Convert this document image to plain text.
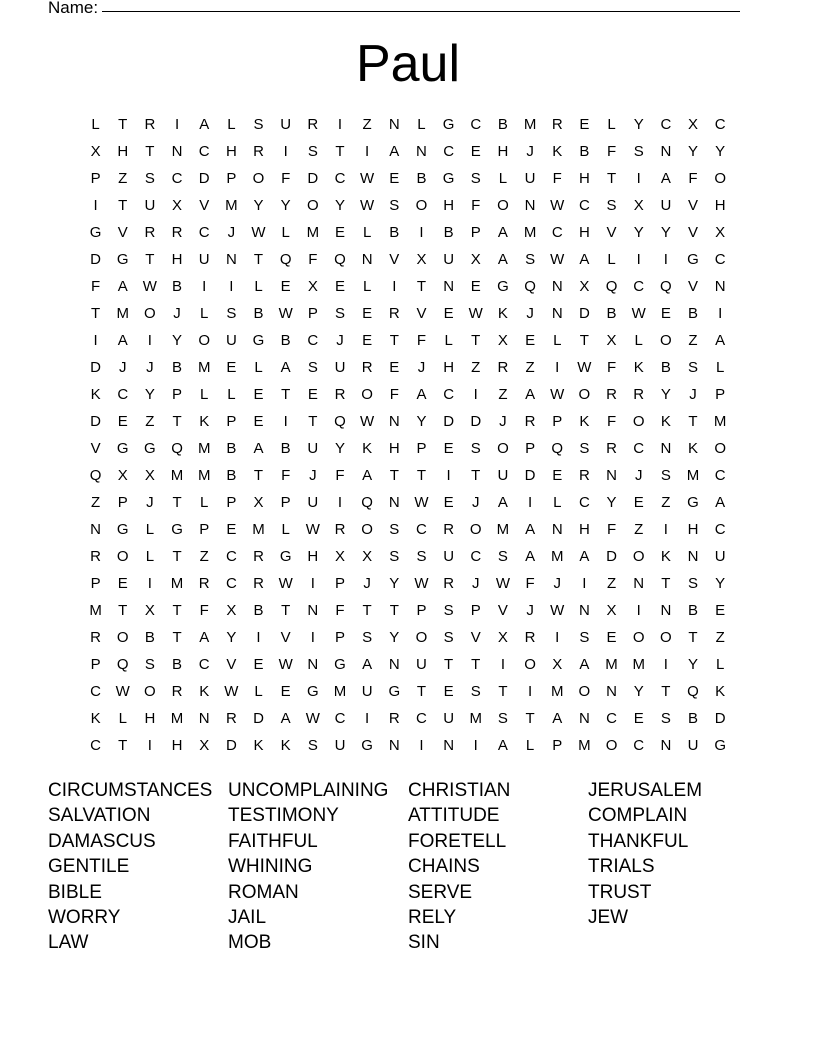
Name:
Paul
L	T	R	I	A	L	S	U	R	I	Z	N	L	G	C	B	M	R	E	L	Y	C	X	C
X	H	T	N	C	H	R	I	S	T	I	A	N	C	E	H	J	K	B	F	S	N	Y	Y
P	Z	S	C	D	P	O	F	D	C W	E	B	G	S	L	U	F	H	T	I	A	F	O
I	T	U	X	V	M	Y	Y	O	Y	W	S	O	H	F	O	N W C	S	X	U	V	H
G	V	R	R	C	J	W	L	M	E	L	B	I	B	P	A	M	C	H	V	Y	Y	V	X
D	G	T	H	U	N	T	Q	F	Q	N	V	X	U	X	A	S	W	A	L	I	I	G	C
F	A	W	B	I	I	L	E	X	E	L	I	T	N	E	G	Q	N	X	Q	C	Q	V	N
T	M	O	J	L	S	B	W	P	S	E	R	V	E	W	K	J	N	D	B	W	E	B	I
I	A	I	Y	O	U	G	B	C	J	E	T	F	L	T	X	E	L	T	X	L	O	Z	A
D	J	J	B	M	E	L	A	S	U	R	E	J	H	Z	R	Z	I	W	F	K	B	S	L
K	C	Y	P	L	L	E	T	E	R	O	F	A	C	I	Z	A	W O	R	R	Y	J	P
D	E	Z	T	K	P	E	I	T	Q W N	Y	D	D	J	R	P	K	F	O	K	T	M
V	G	G	Q	M	B	A	B	U	Y	K	H	P	E	S	O	P	Q	S	R	C	N	K	O
Q	X	X	M M	B	T	F	J	F	A	T	T	I	T	U	D	E	R	N	J	S	M	C
Z	P	J	T	L	P	X	P	U	I	Q	N W	E	J	A	I	L	C	Y	E	Z	G	A
N	G	L	G	P	E	M	L	W R	O	S	C	R	O	M	A	N	H	F	Z	I	H	C
R	O	L	T	Z	C	R	G	H	X	X	S	S	U	C	S	A	M	A	D	O	K	N	U
P	E	I	M	R	C	R W	I	P	J	Y	W R	J	W	F	J	I	Z	N	T	S	Y
M	T	X	T	F	X	B	T	N	F	T	T	P	S	P	V	J	W N	X	I	N	B	E
R	O	B	T	A	Y	I	V	I	P	S	Y	O	S	V	X	R	I	S	E	O	O	T	Z
P	Q	S	B	C	V	E	W N	G	A	N	U	T	T	I	O	X	A	M M	I	Y	L
C W O	R	K	W	L	E	G	M	U	G	T	E	S	T	I	M	O	N	Y	T	Q	K
K	L	H	M	N	R	D	A	W C	I	R	C	U	M	S	T	A	N	C	E	S	B	D
C	T	I	H	X	D	K	K	S	U	G	N	I	N	I	A	L	P	M	O	C	N	U	G
CIRCUMSTANCES UNCOMPLAINING	CHRISTIAN	JERUSALEM
SALVATION	TESTIMONY	ATTITUDE	COMPLAIN
DAMASCUS	FAITHFUL	FORETELL	THANKFUL
GENTILE	WHINING	CHAINS	TRIALS
BIBLE	ROMAN	SERVE	TRUST
WORRY	JAIL	RELY	JEW
LAW	MOB	SIN
